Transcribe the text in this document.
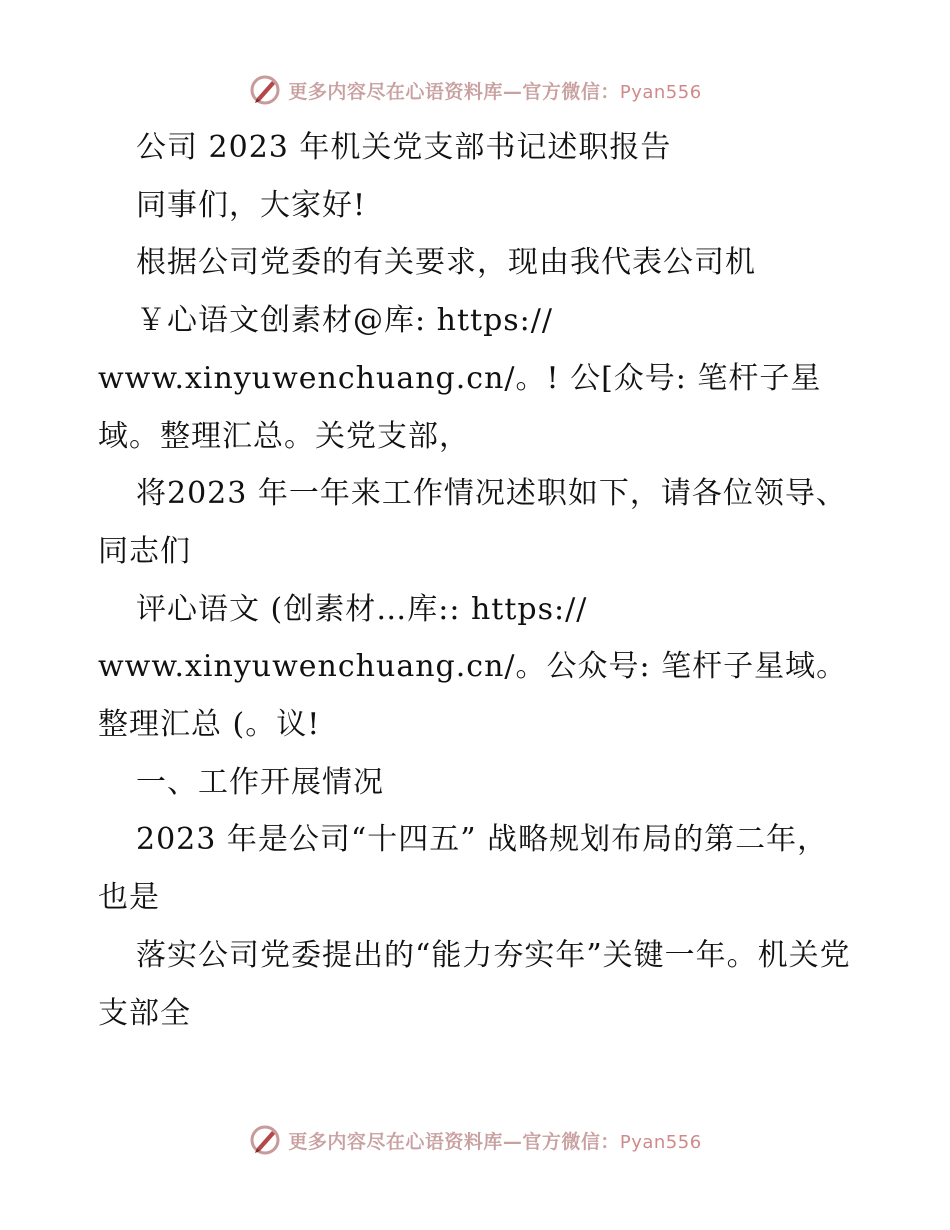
更多内容尽在心语资料库—官方微信：Pyan556

公司 2023 年机关党支部书记述职报告

同事们，大家好!

根据公司党委的有关要求，现由我代表公司机

￥心语文创素材@库: https://

www.xinyuwenchuang.cn/。! 公[众号: 笔杆子星域。整理汇总。关党支部，

将2023 年一年来工作情况述职如下，请各位领导、同志们

评心语文 (创素材…库:: https://

www.xinyuwenchuang.cn/。公众号: 笔杆子星域。整理汇总 (。议!

一、工作开展情况

2023 年是公司“十四五” 战略规划布局的第二年，也是

落实公司党委提出的“能力夯实年”关键一年。机关党支部全

更多内容尽在心语资料库—官方微信：Pyan556
